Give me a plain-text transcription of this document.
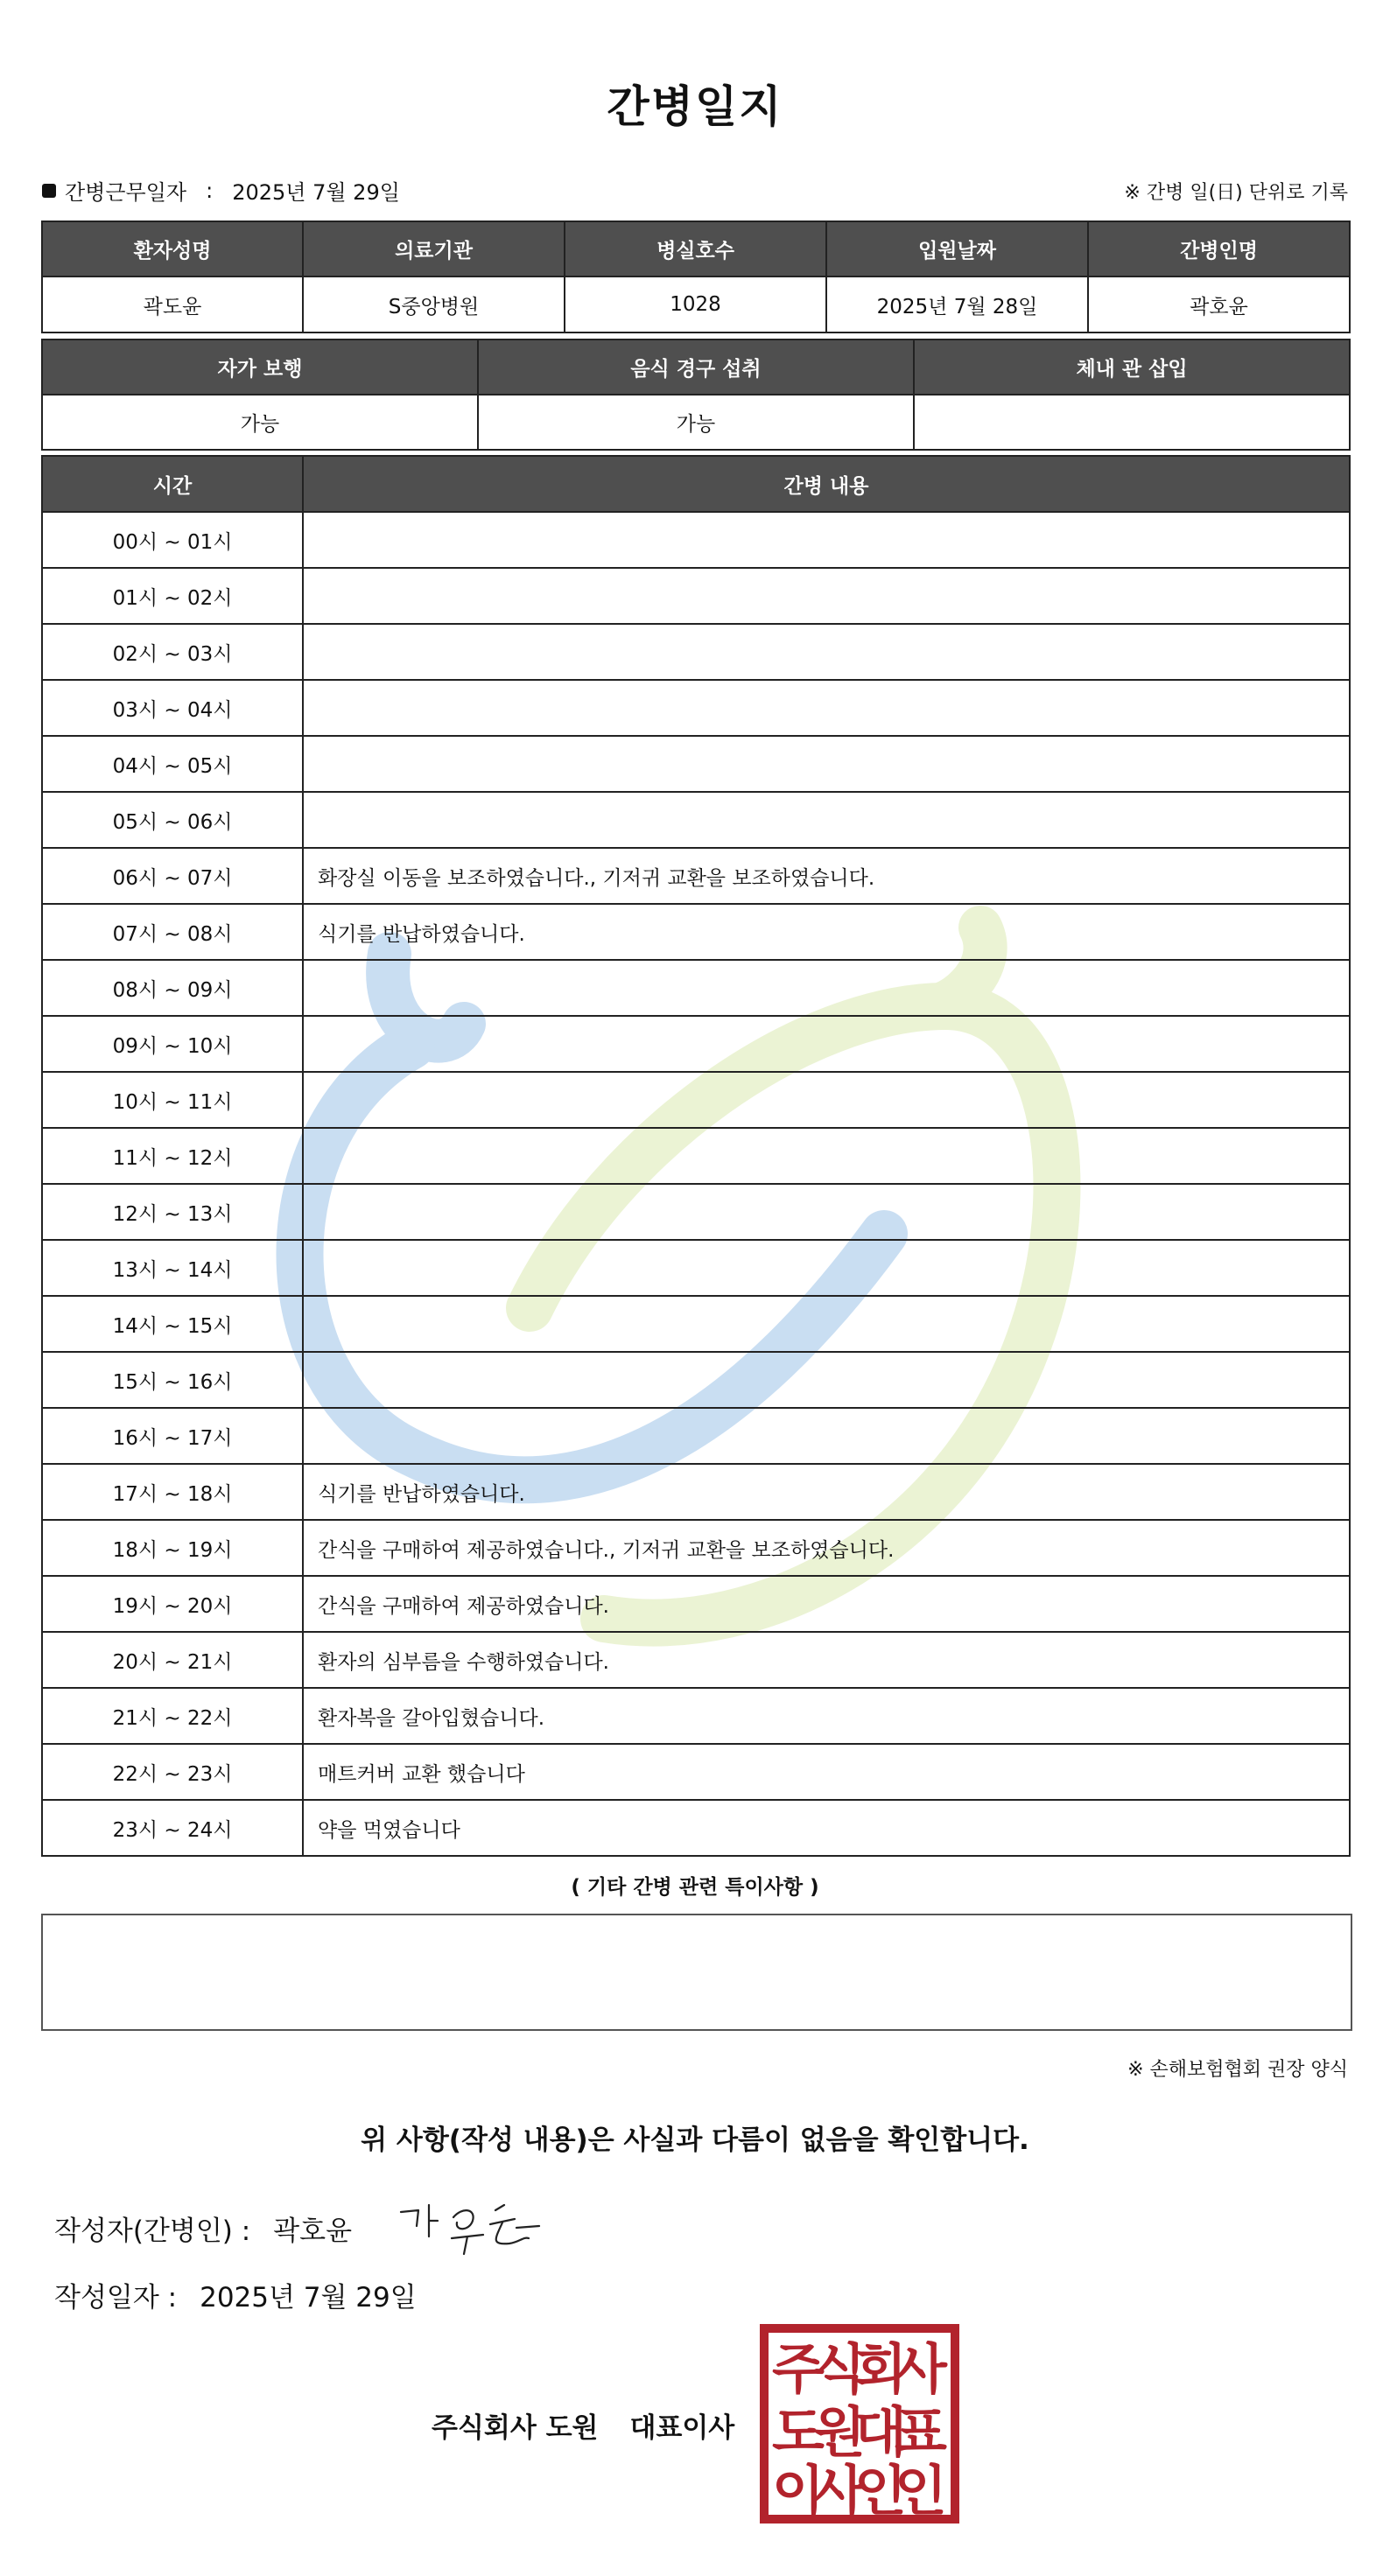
간병일지
간병근무일자 : 2025년 7월 29일	※ 간병 일(日) 단위로 기록
환자성명	의료기관	병실호수	입원날짜	간병인명
곽도윤	S중앙병원	1028	2025년 7월 28일	곽호윤
자가 보행	음식 경구 섭취	체내 관 삽입
가능	가능	
시간	간병 내용
00시 ~ 01시	
01시 ~ 02시	
02시 ~ 03시	
03시 ~ 04시	
04시 ~ 05시	
05시 ~ 06시	
06시 ~ 07시	화장실 이동을 보조하였습니다., 기저귀 교환을 보조하였습니다.
07시 ~ 08시	식기를 반납하였습니다.
08시 ~ 09시	
09시 ~ 10시	
10시 ~ 11시	
11시 ~ 12시	
12시 ~ 13시	
13시 ~ 14시	
14시 ~ 15시	
15시 ~ 16시	
16시 ~ 17시	
17시 ~ 18시	식기를 반납하였습니다.
18시 ~ 19시	간식을 구매하여 제공하였습니다., 기저귀 교환을 보조하였습니다.
19시 ~ 20시	간식을 구매하여 제공하였습니다.
20시 ~ 21시	환자의 심부름을 수행하였습니다.
21시 ~ 22시	환자복을 갈아입혔습니다.
22시 ~ 23시	매트커버 교환 했습니다
23시 ~ 24시	약을 먹였습니다
( 기타 간병 관련 특이사항 )
※ 손해보험협회 권장 양식
위 사항(작성 내용)은 사실과 다름이 없음을 확인합니다.
작성자(간병인) : 곽호윤
작성일자 : 2025년 7월 29일
주식회사 도원 대표이사
주
식
회
사
도
원
대
표
이
사
인
인
